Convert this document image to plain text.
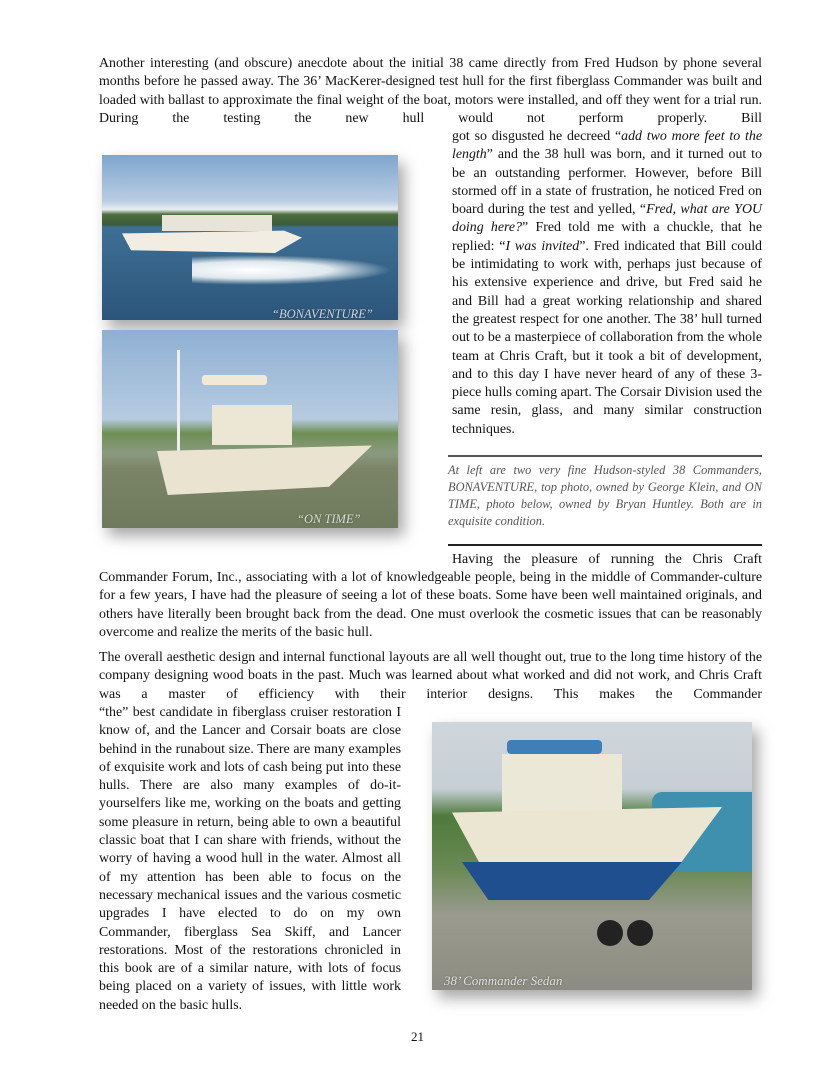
Another interesting (and obscure) anecdote about the initial 38 came directly from Fred Hudson by phone several months before he passed away. The 36’ MacKerer-designed test hull for the first fiberglass Commander was built and loaded with ballast to approximate the final weight of the boat, motors were installed, and off they went for a trial run. During the testing the new hull would not perform properly. Bill

got so disgusted he decreed “add two more feet to the length” and the 38 hull was born, and it turned out to be an outstanding performer. However, before Bill stormed off in a state of frustration, he noticed Fred on board during the test and yelled, “Fred, what are YOU doing here?” Fred told me with a chuckle, that he replied: “I was invited”. Fred indicated that Bill could be intimidating to work with, perhaps just because of his extensive experience and drive, but Fred said he and Bill had a great working relationship and shared the greatest respect for one another. The 38’ hull turned out to be a masterpiece of collaboration from the whole team at Chris Craft, but it took a bit of development, and to this day I have never heard of any of these 3-piece hulls coming apart. The Corsair Division used the same resin, glass, and many similar construction techniques.

“BONAVENTURE”
“ON TIME”
At left are two very fine Hudson-styled 38 Commanders, BONAVENTURE, top photo, owned by George Klein, and ON TIME, photo below, owned by Bryan Huntley. Both are in exquisite condition.

Having the pleasure of running the Chris Craft

Commander Forum, Inc., associating with a lot of knowledgeable people, being in the middle of Commander-culture for a few years, I have had the pleasure of seeing a lot of these boats. Some have been well maintained originals, and others have literally been brought back from the dead. One must overlook the cosmetic issues that can be reasonably overcome and realize the merits of the basic hull.

The overall aesthetic design and internal functional layouts are all well thought out, true to the long time history of the company designing wood boats in the past. Much was learned about what worked and did not work, and Chris Craft was a master of efficiency with their interior designs. This makes the Commander

“the” best candidate in fiberglass cruiser restoration I know of, and the Lancer and Corsair boats are close behind in the runabout size. There are many examples of exquisite work and lots of cash being put into these hulls. There are also many examples of do-it-yourselfers like me, working on the boats and getting some pleasure in return, being able to own a beautiful classic boat that I can share with friends, without the worry of having a wood hull in the water. Almost all of my attention has been able to focus on the necessary mechanical issues and the various cosmetic upgrades I have elected to do on my own Commander, fiberglass Sea Skiff, and Lancer restorations. Most of the restorations chronicled in this book are of a similar nature, with lots of focus being placed on a variety of issues, with little work needed on the basic hulls.

38’ Commander Sedan
21
